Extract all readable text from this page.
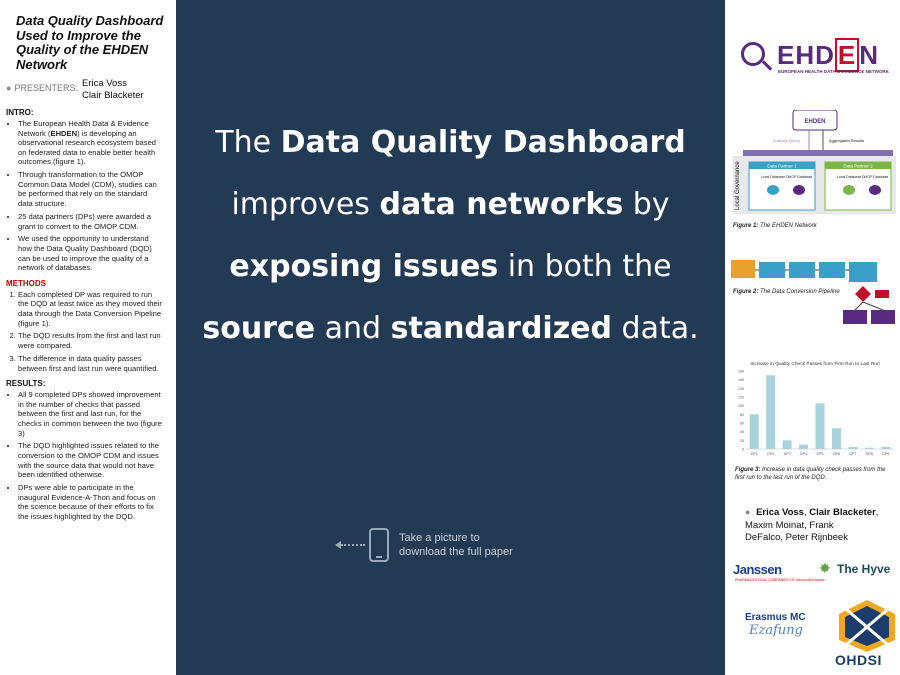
Data Quality Dashboard Used to Improve the Quality of the EHDEN Network
● PRESENTERS: Erica Voss
Clair Blacketer
INTRO:
• The European Health Data & Evidence Network (EHDEN) is developing an observational research ecosystem based on federated data to enable better health outcomes (figure 1).
• Through transformation to the OMOP Common Data Model (CDM), studies can be performed that rely on the standard data structure.
• 25 data partners (DPs) were awarded a grant to convert to the OMOP CDM.
• We used the opportunity to understand how the Data Quality Dashboard (DQD) can be used to improve the quality of a network of databases.
METHODS
1. Each completed DP was required to run the DQD at least twice as they moved their data through the Data Conversion Pipeline (figure 1).
2. The DQD results from the first and last run were compared.
3. The difference in data quality passes between first and last run were quantified.
RESULTS:
• All 9 completed DPs showed improvement in the number of checks that passed between the first and last run, for the checks in common between the two (figure 3)
• The DQD highlighted issues related to the conversion to the OMOP CDM and issues with the source data that would not have been identified otherwise.
• DPs were able to participate in the inaugural Evidence-A-Thon and focus on the science because of their efforts to fix the issues highlighted by the DQD.
The Data Quality Dashboard
improves data networks by
exposing issues in both the
source and standardized data.
Take a picture to
download the full paper
EHD E N
EUROPEAN HEALTH DATA & EVIDENCE NETWORK
EHDEN
Analysis Query	Aggregated Results
Local Governance	Data Partner 1
Local Database OMOP Database
Data Partner 2
Local Database OMOP Database
Figure 1: The EHDEN Network
Figure 2: The Data Conversion Pipeline
Increase in Quality Check Passes from First Run to Last Run
0
20
40
60
80
100
120
140
160
180
DP1	DP2	DP3	DP4	DP5	DP6	DP7	DP8	DP9
Figure 3: Increase in data quality check passes from the first run to the last run of the DQD.
● Erica Voss, Clair Blacketer,
Maxim Moinat, Frank
DeFalco, Peter Rijnbeek
Janssen
PHARMACEUTICAL COMPANIES OF Johnson&Johnson
✸ The Hyve
Erasmus MC
Ezafung
OHDSI
